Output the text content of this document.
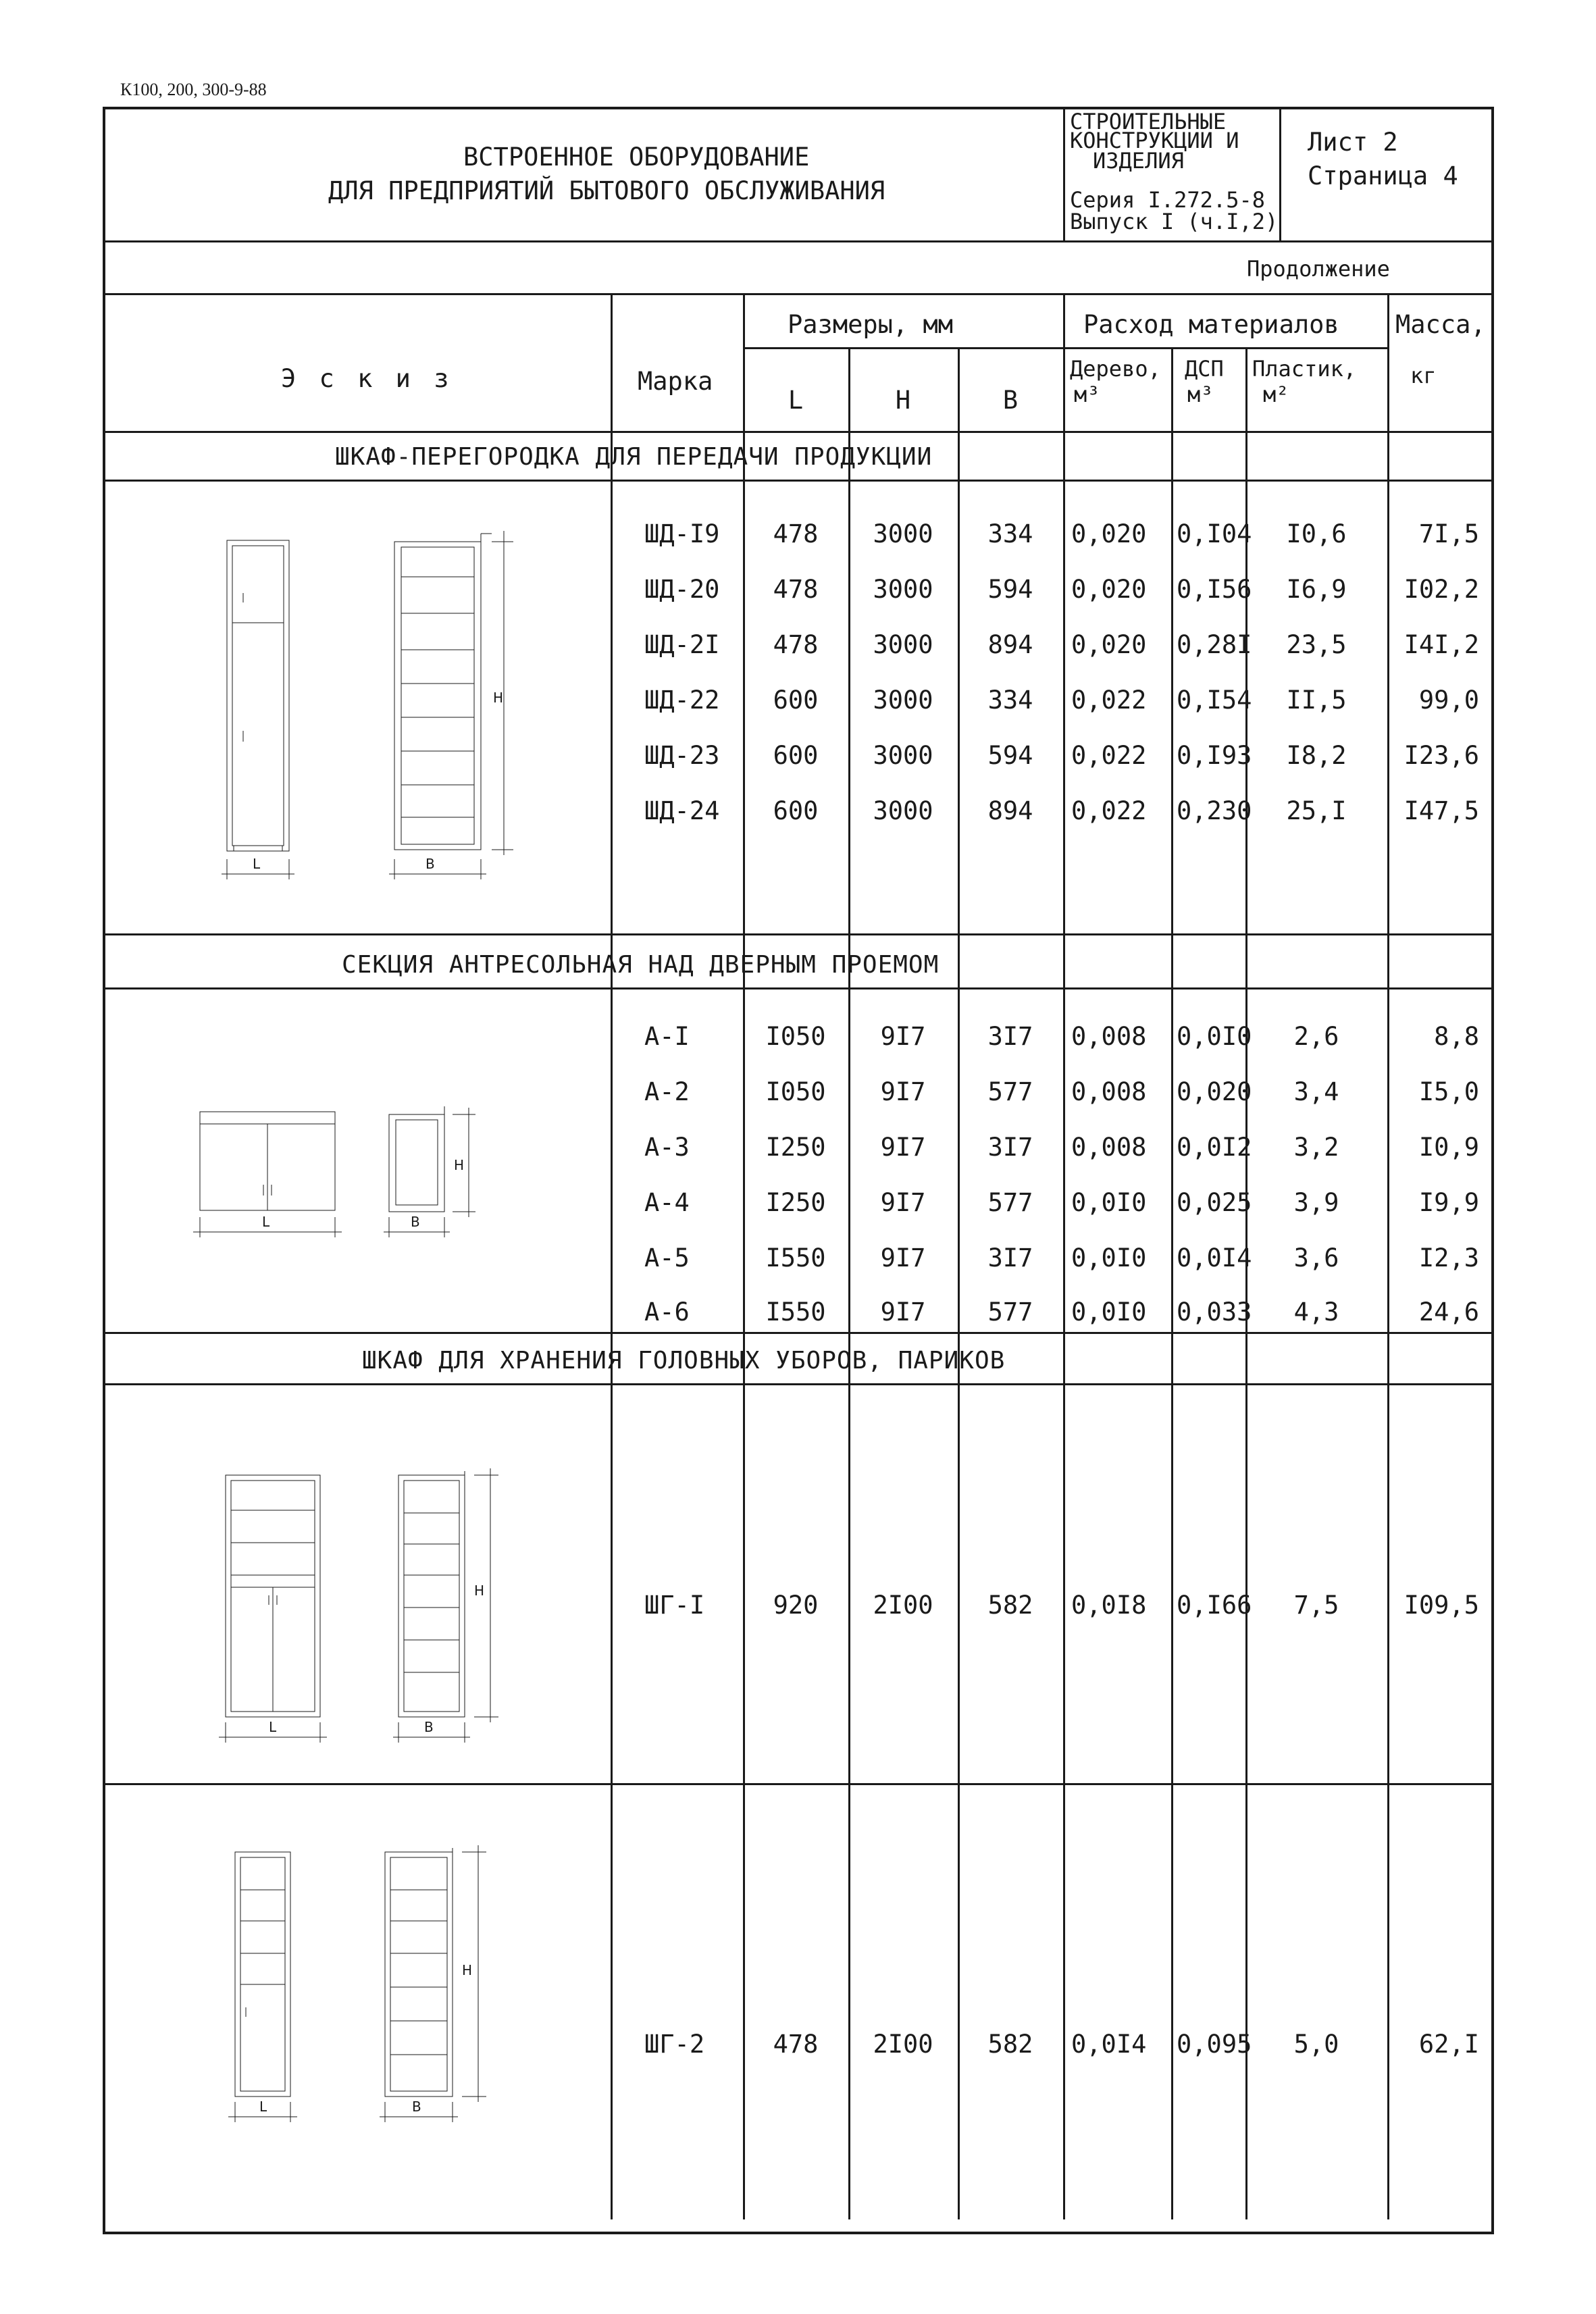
К100, 200, 300-9-88
ВСТРОЕННОЕ ОБОРУДОВАНИЕ
ДЛЯ ПРЕДПРИЯТИЙ БЫТОВОГО ОБСЛУЖИВАНИЯ
СТРОИТЕЛЬНЫЕ
КОНСТРУКЦИИ И
ИЗДЕЛИЯ
Серия I.272.5-8
Выпуск I (ч.I,2)
Лист 2
Страница 4
Продолжение
Э с к и з	Марка
Размеры, мм
L	H	B
Расход материалов
Дерево,
м³
ДСП
м³
Пластик,
м²
Масса,
кг
ШКАФ-ПЕРЕГОРОДКА ДЛЯ ПЕРЕДАЧИ ПРОДУКЦИИ
ШД-I9	478	3000	334	0,020	0,I04	I0,6	7I,5
ШД-20	478	3000	594	0,020	0,I56	I6,9	I02,2
ШД-2I	478	3000	894	0,020	0,28I	23,5	I4I,2
ШД-22	600	3000	334	0,022	0,I54	II,5	99,0
ШД-23	600	3000	594	0,022	0,I93	I8,2	I23,6
ШД-24	600	3000	894	0,022	0,230	25,I	I47,5
L	B
H
СЕКЦИЯ АНТРЕСОЛЬНАЯ НАД ДВЕРНЫМ ПРОЕМОМ
А-I	I050	9I7	3I7	0,008	0,0I0	2,6	8,8
А-2	I050	9I7	577	0,008	0,020	3,4	I5,0
А-3	I250	9I7	3I7	0,008	0,0I2	3,2	I0,9
А-4	I250	9I7	577	0,0I0	0,025	3,9	I9,9
А-5	I550	9I7	3I7	0,0I0	0,0I4	3,6	I2,3
А-6	I550	9I7	577	0,0I0	0,033	4,3	24,6
L	B
H
ШКАФ ДЛЯ ХРАНЕНИЯ ГОЛОВНЫХ УБОРОВ, ПАРИКОВ
ШГ-I	920	2I00	582	0,0I8	0,I66	7,5	I09,5
ШГ-2	478	2I00	582	0,0I4	0,095	5,0	62,I
L	B
H
L	B
H
